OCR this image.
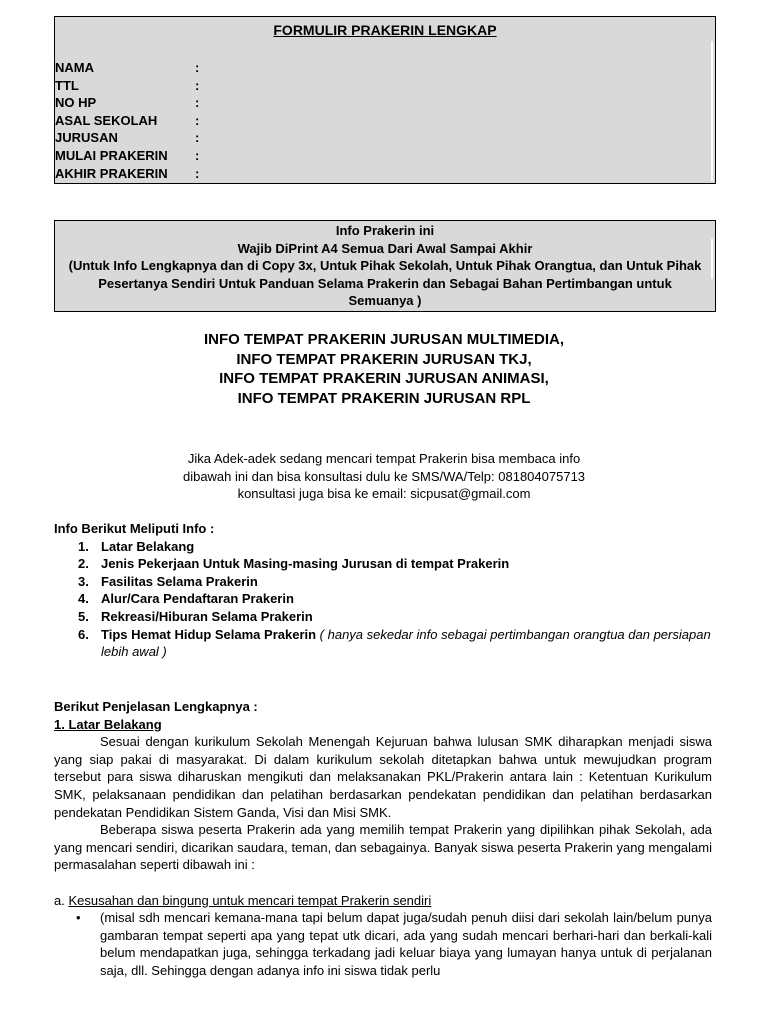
FORMULIR PRAKERIN LENGKAP
NAMA	:
TTL	:
NO HP	:
ASAL SEKOLAH	:
JURUSAN	:
MULAI PRAKERIN :
AKHIR PRAKERIN :
Info Prakerin ini
Wajib DiPrint A4 Semua Dari Awal Sampai Akhir
(Untuk Info Lengkapnya dan di Copy 3x, Untuk Pihak Sekolah, Untuk Pihak Orangtua, dan Untuk Pihak
Pesertanya Sendiri Untuk Panduan Selama Prakerin dan Sebagai Bahan Pertimbangan untuk
Semuanya )
INFO TEMPAT PRAKERIN JURUSAN MULTIMEDIA,
INFO TEMPAT PRAKERIN JURUSAN TKJ,
INFO TEMPAT PRAKERIN JURUSAN ANIMASI,
INFO TEMPAT PRAKERIN JURUSAN RPL
Jika Adek-adek sedang mencari tempat Prakerin bisa membaca info
dibawah ini dan bisa konsultasi dulu ke SMS/WA/Telp: 081804075713
konsultasi juga bisa ke email: sicpusat@gmail.com
Info Berikut Meliputi Info :
1. Latar Belakang
2. Jenis Pekerjaan Untuk Masing-masing Jurusan di tempat Prakerin
3. Fasilitas Selama Prakerin
4. Alur/Cara Pendaftaran Prakerin
5. Rekreasi/Hiburan Selama Prakerin
6. Tips Hemat Hidup Selama Prakerin ( hanya sekedar info sebagai pertimbangan orangtua dan persiapan lebih awal )
Berikut Penjelasan Lengkapnya :
1. Latar Belakang
Sesuai dengan kurikulum Sekolah Menengah Kejuruan bahwa lulusan SMK diharapkan menjadi siswa yang siap pakai di masyarakat. Di dalam kurikulum sekolah ditetapkan bahwa untuk mewujudkan program tersebut para siswa diharuskan mengikuti dan melaksanakan PKL/Prakerin antara lain : Ketentuan Kurikulum SMK, pelaksanaan pendidikan dan pelatihan berdasarkan pendekatan pendidikan dan pelatihan berdasarkan pendekatan Pendidikan Sistem Ganda, Visi dan Misi SMK.
Beberapa siswa peserta Prakerin ada yang memilih tempat Prakerin yang dipilihkan pihak Sekolah, ada yang mencari sendiri, dicarikan saudara, teman, dan sebagainya. Banyak siswa peserta Prakerin yang mengalami permasalahan seperti dibawah ini :
a. Kesusahan dan bingung untuk mencari tempat Prakerin sendiri
• (misal sdh mencari kemana-mana tapi belum dapat juga/sudah penuh diisi dari sekolah lain/belum punya gambaran tempat seperti apa yang tepat utk dicari, ada yang sudah mencari berhari-hari dan berkali-kali belum mendapatkan juga, sehingga terkadang jadi keluar biaya yang lumayan hanya untuk di perjalanan saja, dll. Sehingga dengan adanya info ini siswa tidak perlu
